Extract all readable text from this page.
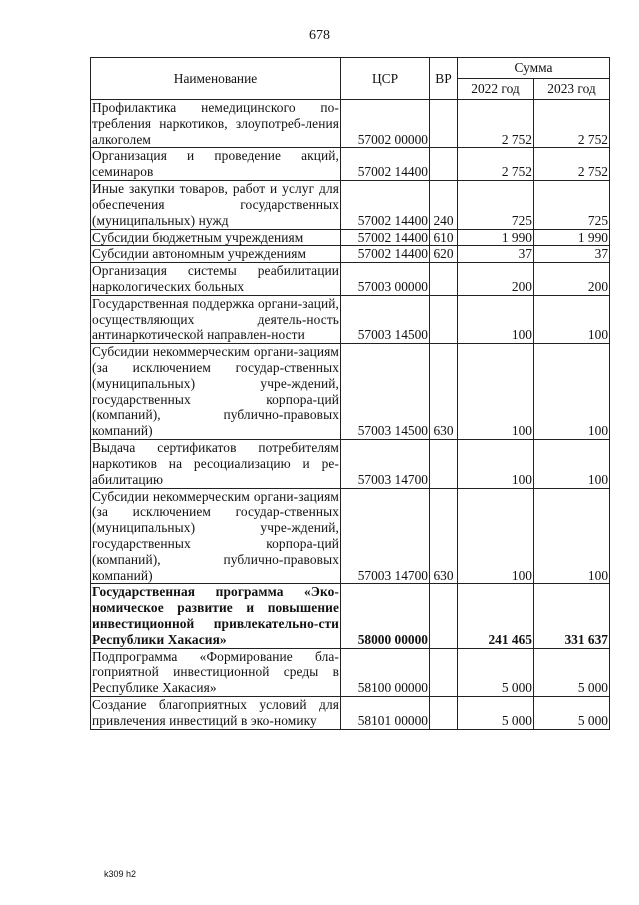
678
Наименование	ЦСР	ВР	Сумма	
			2022 год	2023 год
Профилактика немедицинского по-требления наркотиков, злоупотреб-ления алкоголем	57002 00000		2 752	2 752
Организация и проведение акций, семинаров	57002 14400		2 752	2 752
Иные закупки товаров, работ и услуг для обеспечения государственных (муниципальных) нужд	57002 14400	240	725	725
Субсидии бюджетным учреждениям	57002 14400	610	1 990	1 990
Субсидии автономным учреждениям	57002 14400	620	37	37
Организация системы реабилитации наркологических больных	57003 00000		200	200
Государственная поддержка органи-заций, осуществляющих деятель-ность антинаркотической направлен-ности	57003 14500		100	100
Субсидии некоммерческим органи-зациям (за исключением государ-ственных (муниципальных) учре-ждений, государственных корпора-ций (компаний), публично-правовых компаний)	57003 14500	630	100	100
Выдача сертификатов потребителям наркотиков на ресоциализацию и ре-абилитацию	57003 14700		100	100
Субсидии некоммерческим органи-зациям (за исключением государ-ственных (муниципальных) учре-ждений, государственных корпора-ций (компаний), публично-правовых компаний)	57003 14700	630	100	100
Государственная программа «Эко-номическое развитие и повышение инвестиционной привлекательно-сти Республики Хакасия»	58000 00000		241 465	331 637
Подпрограмма «Формирование бла-гоприятной инвестиционной среды в Республике Хакасия»	58100 00000		5 000	5 000
Создание благоприятных условий для привлечения инвестиций в эко-номику	58101 00000		5 000	5 000
k309 h2
